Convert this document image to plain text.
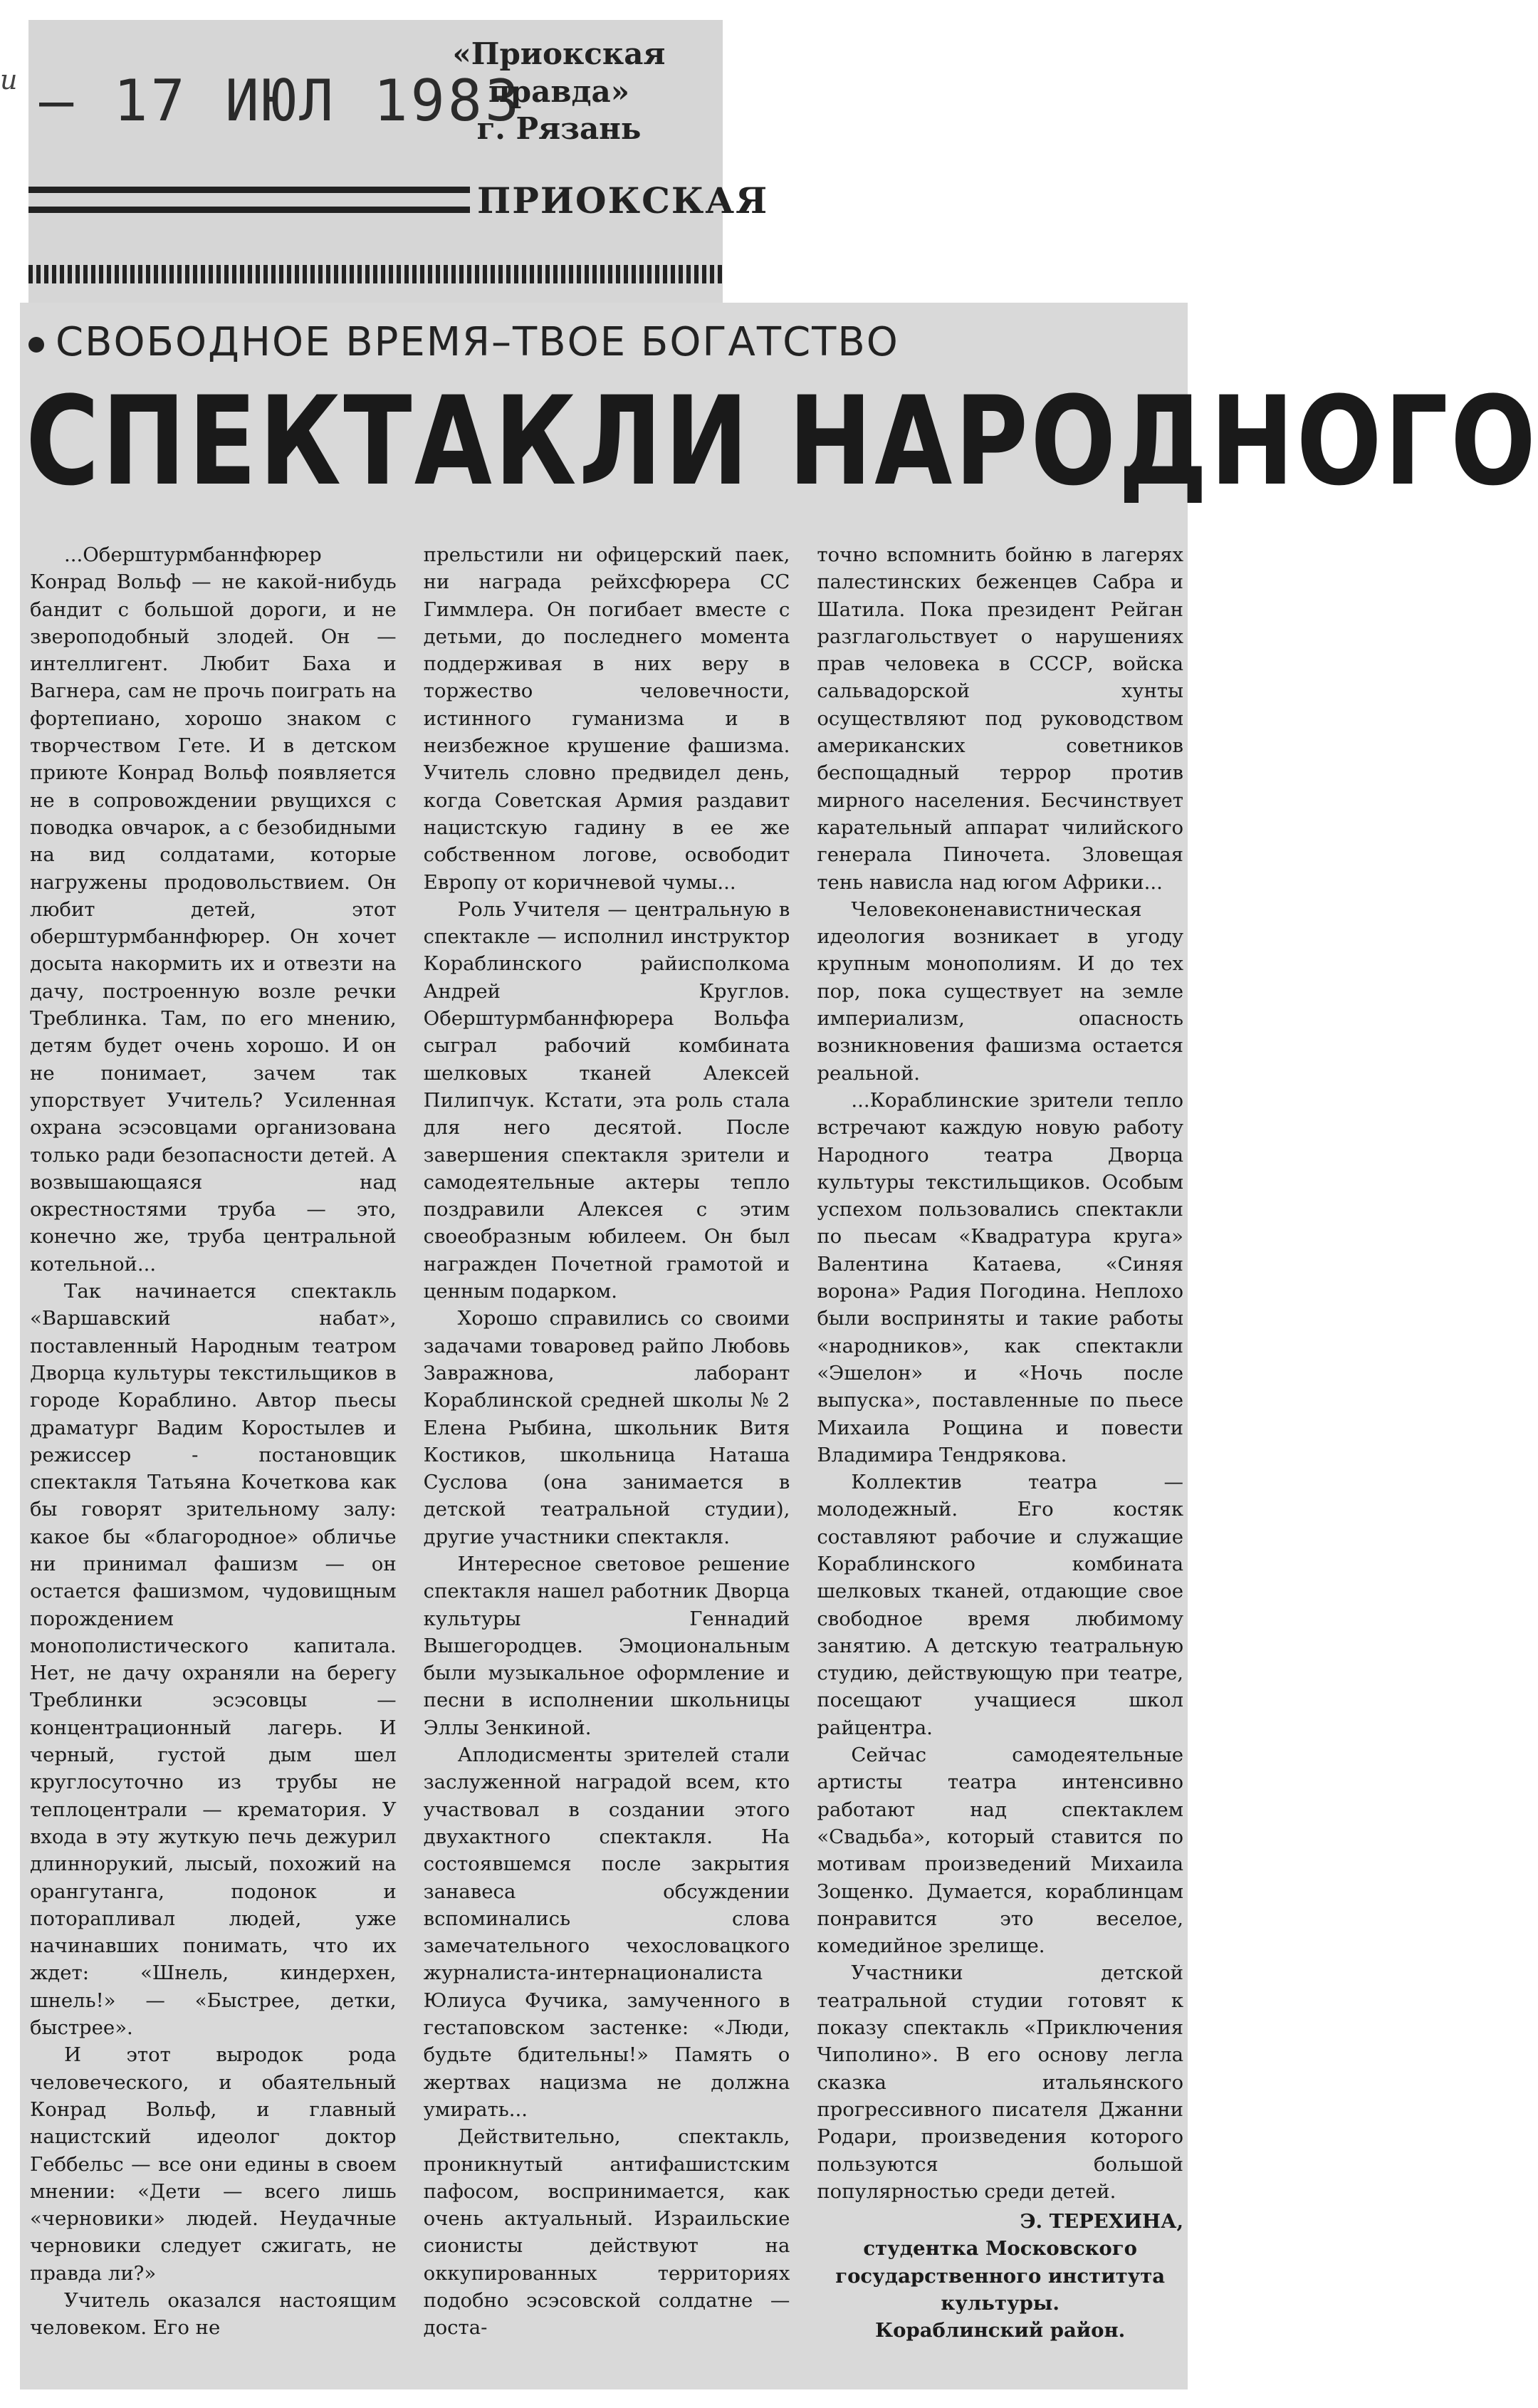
u – 17 ИЮЛ 1983
«Приокская правда»
г. Рязань
ПРИОКСКАЯ
СВОБОДНОЕ ВРЕМЯ–ТВОЕ БОГАТСТВО
СПЕКТАКЛИ НАРОДНОГО

...Оберштурмбаннфюрер Конрад Вольф — не какой-нибудь бандит с большой дороги, и не звероподобный злодей. Он — интеллигент. Любит Баха и Вагнера, сам не прочь поиграть на фортепиано, хорошо знаком с творчеством Гете. И в детском приюте Конрад Вольф появляется не в сопровождении рвущихся с поводка овчарок, а с безобидными на вид солдатами, которые нагружены продовольствием. Он любит детей, этот оберштурмбаннфюрер. Он хочет досыта накормить их и отвезти на дачу, построенную возле речки Треблинка. Там, по его мнению, детям будет очень хорошо. И он не понимает, зачем так упорствует Учитель? Усиленная охрана эсэсовцами организована только ради безопасности детей. А возвышающаяся над окрестностями труба — это, конечно же, труба центральной котельной...

Так начинается спектакль «Варшавский набат», поставленный Народным театром Дворца культуры текстильщиков в городе Кораблино. Автор пьесы драматург Вадим Коростылев и режиссер - постановщик спектакля Татьяна Кочеткова как бы говорят зрительному залу: какое бы «благородное» обличье ни принимал фашизм — он остается фашизмом, чудовищным порождением монополистического капитала. Нет, не дачу охраняли на берегу Треблинки эсэсовцы — концентрационный лагерь. И черный, густой дым шел круглосуточно из трубы не теплоцентрали — крематория. У входа в эту жуткую печь дежурил длиннорукий, лысый, похожий на орангутанга, подонок и поторапливал людей, уже начинавших понимать, что их ждет: «Шнель, киндерхен, шнель!» — «Быстрее, детки, быстрее».

И этот выродок рода человеческого, и обаятельный Конрад Вольф, и главный нацистский идеолог доктор Геббельс — все они едины в своем мнении: «Дети — всего лишь «черновики» людей. Неудачные черновики следует сжигать, не правда ли?»

Учитель оказался настоящим человеком. Его не

прельстили ни офицерский паек, ни награда рейхсфюрера СС Гиммлера. Он погибает вместе с детьми, до последнего момента поддерживая в них веру в торжество человечности, истинного гуманизма и в неизбежное крушение фашизма. Учитель словно предвидел день, когда Советская Армия раздавит нацистскую гадину в ее же собственном логове, освободит Европу от коричневой чумы...

Роль Учителя — центральную в спектакле — исполнил инструктор Кораблинского райисполкома Андрей Круглов. Оберштурмбаннфюрера Вольфа сыграл рабочий комбината шелковых тканей Алексей Пилипчук. Кстати, эта роль стала для него десятой. После завершения спектакля зрители и самодеятельные актеры тепло поздравили Алексея с этим своеобразным юбилеем. Он был награжден Почетной грамотой и ценным подарком.

Хорошо справились со своими задачами товаровед райпо Любовь Завражнова, лаборант Кораблинской средней школы № 2 Елена Рыбина, школьник Витя Костиков, школьница Наташа Суслова (она занимается в детской театральной студии), другие участники спектакля.

Интересное световое решение спектакля нашел работник Дворца культуры Геннадий Вышегородцев. Эмоциональным были музыкальное оформление и песни в исполнении школьницы Эллы Зенкиной.

Аплодисменты зрителей стали заслуженной наградой всем, кто участвовал в создании этого двухактного спектакля. На состоявшемся после закрытия занавеса обсуждении вспоминались слова замечательного чехословацкого журналиста-интернационалиста Юлиуса Фучика, замученного в гестаповском застенке: «Люди, будьте бдительны!» Память о жертвах нацизма не должна умирать...

Действительно, спектакль, проникнутый антифашистским пафосом, воспринимается, как очень актуальный. Израильские сионисты действуют на оккупированных территориях подобно эсэсовской солдатне — доста-

точно вспомнить бойню в лагерях палестинских беженцев Сабра и Шатила. Пока президент Рейган разглагольствует о нарушениях прав человека в СССР, войска сальвадорской хунты осуществляют под руководством американских советников беспощадный террор против мирного населения. Бесчинствует карательный аппарат чилийского генерала Пиночета. Зловещая тень нависла над югом Африки...

Человеконенавистническая идеология возникает в угоду крупным монополиям. И до тех пор, пока существует на земле империализм, опасность возникновения фашизма остается реальной.

...Кораблинские зрители тепло встречают каждую новую работу Народного театра Дворца культуры текстильщиков. Особым успехом пользовались спектакли по пьесам «Квадратура круга» Валентина Катаева, «Синяя ворона» Радия Погодина. Неплохо были восприняты и такие работы «народников», как спектакли «Эшелон» и «Ночь после выпуска», поставленные по пьесе Михаила Рощина и повести Владимира Тендрякова.

Коллектив театра — молодежный. Его костяк составляют рабочие и служащие Кораблинского комбината шелковых тканей, отдающие свое свободное время любимому занятию. А детскую театральную студию, действующую при театре, посещают учащиеся школ райцентра.

Сейчас самодеятельные артисты театра интенсивно работают над спектаклем «Свадьба», который ставится по мотивам произведений Михаила Зощенко. Думается, кораблинцам понравится это веселое, комедийное зрелище.

Участники детской театральной студии готовят к показу спектакль «Приключения Чиполино». В его основу легла сказка итальянского прогрессивного писателя Джанни Родари, произведения которого пользуются большой популярностью среди детей.

Э. ТЕРЕХИНА,
студентка Московского государственного института культуры.
Кораблинский район.
